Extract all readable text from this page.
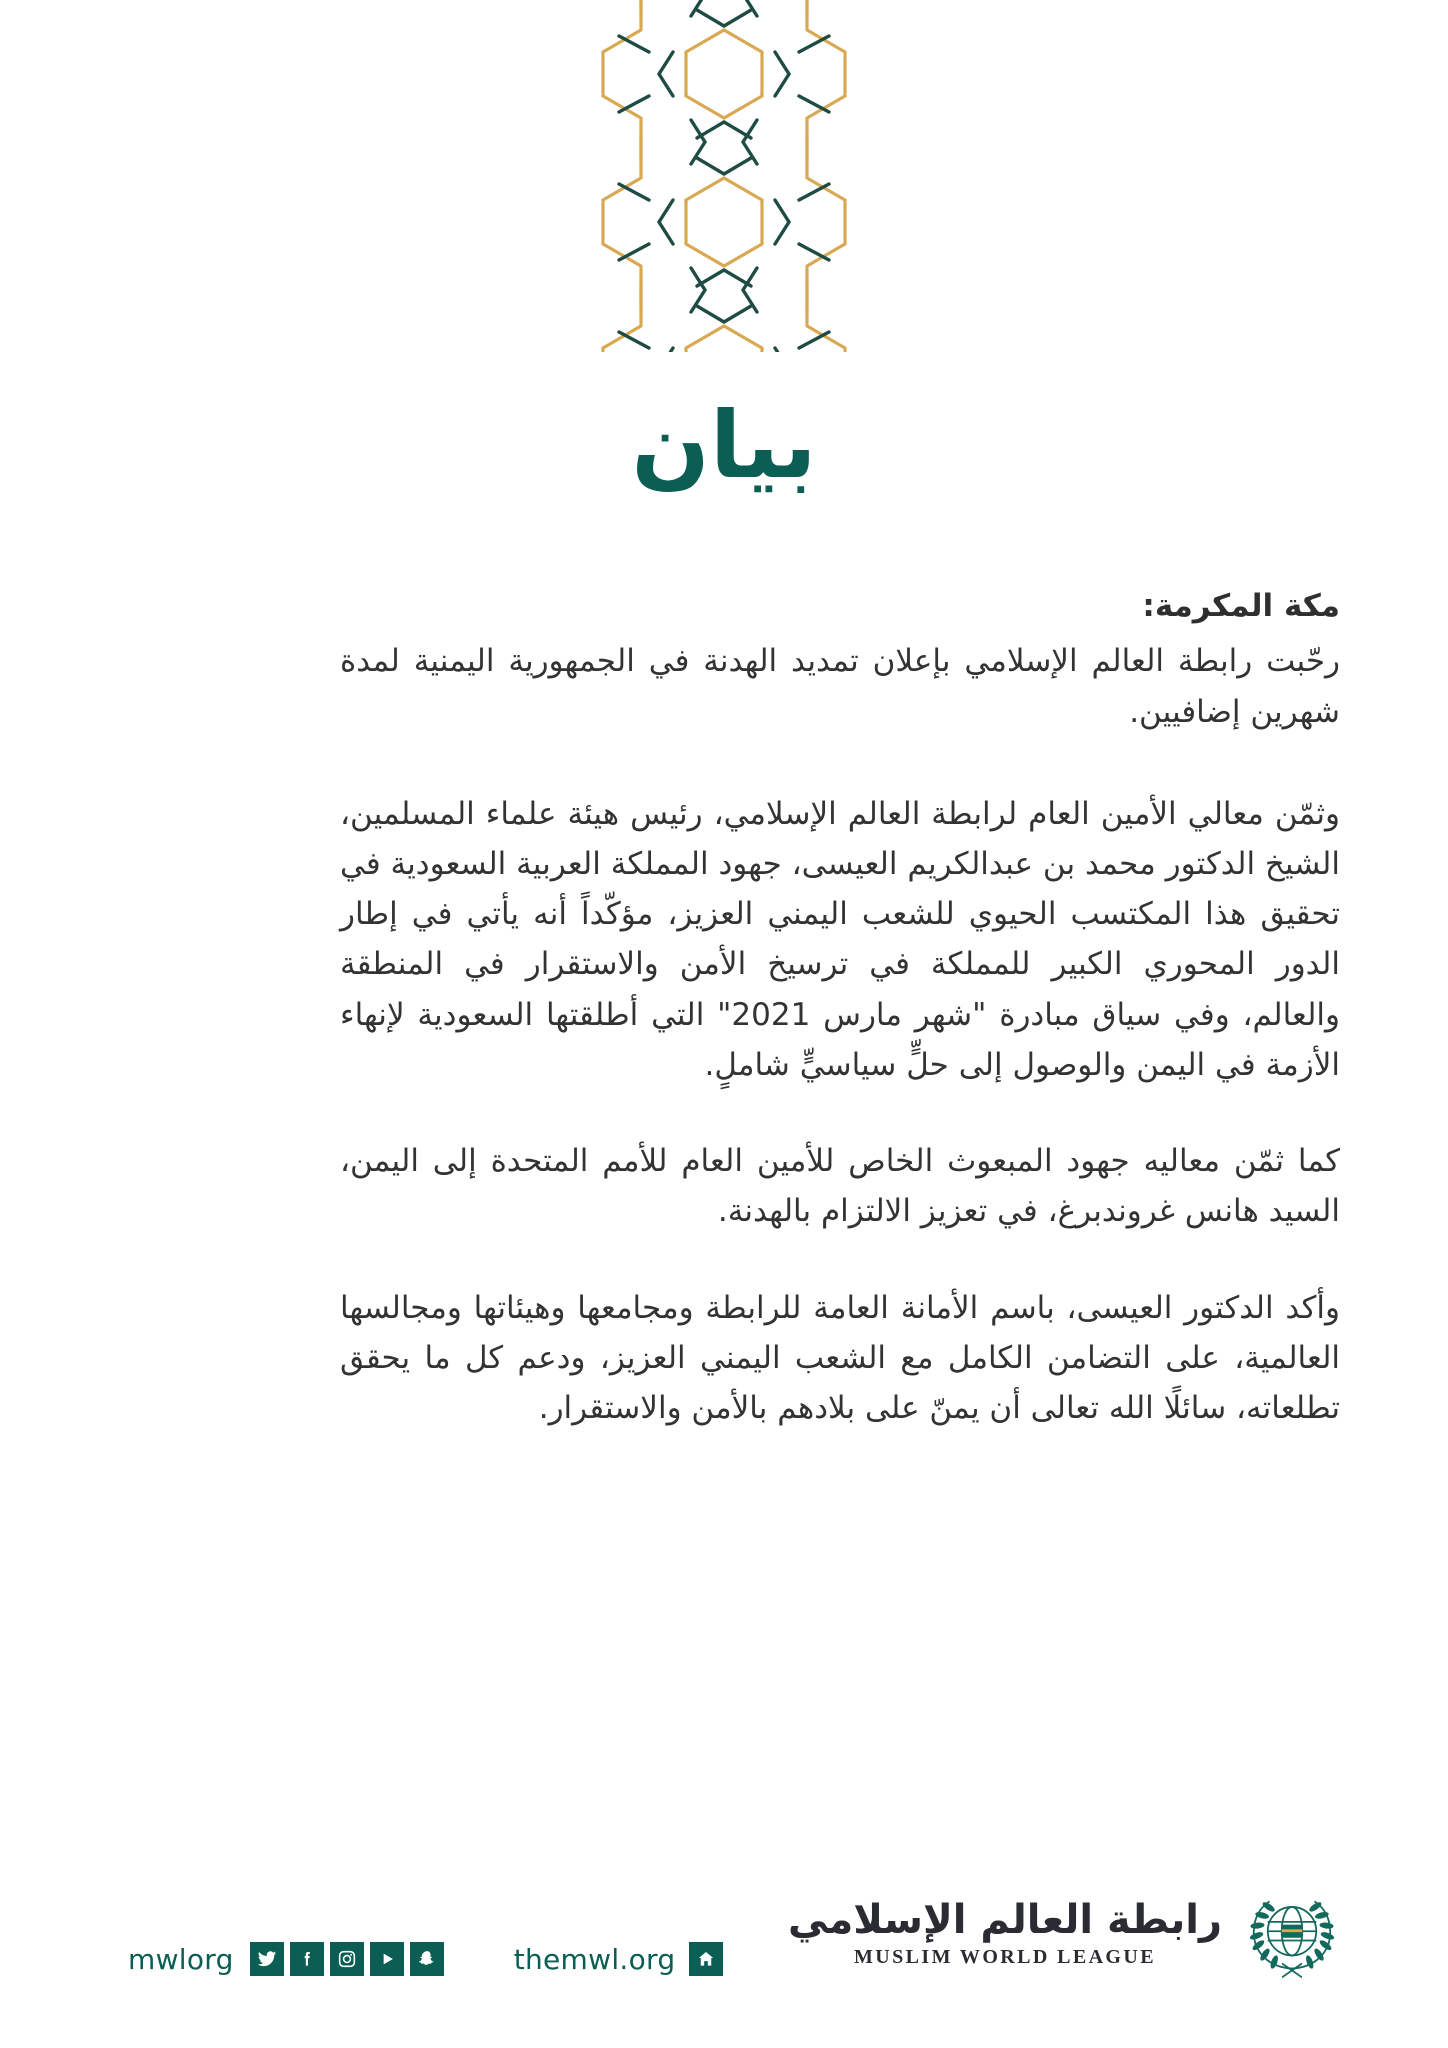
بيان

مكة المكرمة:

رحّبت رابطة العالم الإسلامي بإعلان تمديد الهدنة في الجمهورية اليمنية لمدة شهرين إضافيين.

وثمّن معالي الأمين العام لرابطة العالم الإسلامي، رئيس هيئة علماء المسلمين، الشيخ الدكتور محمد بن عبدالكريم العيسى، جهود المملكة العربية السعودية في تحقيق هذا المكتسب الحيوي للشعب اليمني العزيز، مؤكّداً أنه يأتي في إطار الدور المحوري الكبير للمملكة في ترسيخ الأمن والاستقرار في المنطقة والعالم، وفي سياق مبادرة "شهر مارس 2021" التي أطلقتها السعودية لإنهاء الأزمة في اليمن والوصول إلى حلٍّ سياسيٍّ شاملٍ.

كما ثمّن معاليه جهود المبعوث الخاص للأمين العام للأمم المتحدة إلى اليمن، السيد هانس غروندبرغ، في تعزيز الالتزام بالهدنة.

وأكد الدكتور العيسى، باسم الأمانة العامة للرابطة ومجامعها وهيئاتها ومجالسها العالمية، على التضامن الكامل مع الشعب اليمني العزيز، ودعم كل ما يحقق تطلعاته، سائلًا الله تعالى أن يمنّ على بلادهم بالأمن والاستقرار.

mwlorg	themwl.org
رابطة العالم الإسلامي
MUSLIM WORLD LEAGUE
